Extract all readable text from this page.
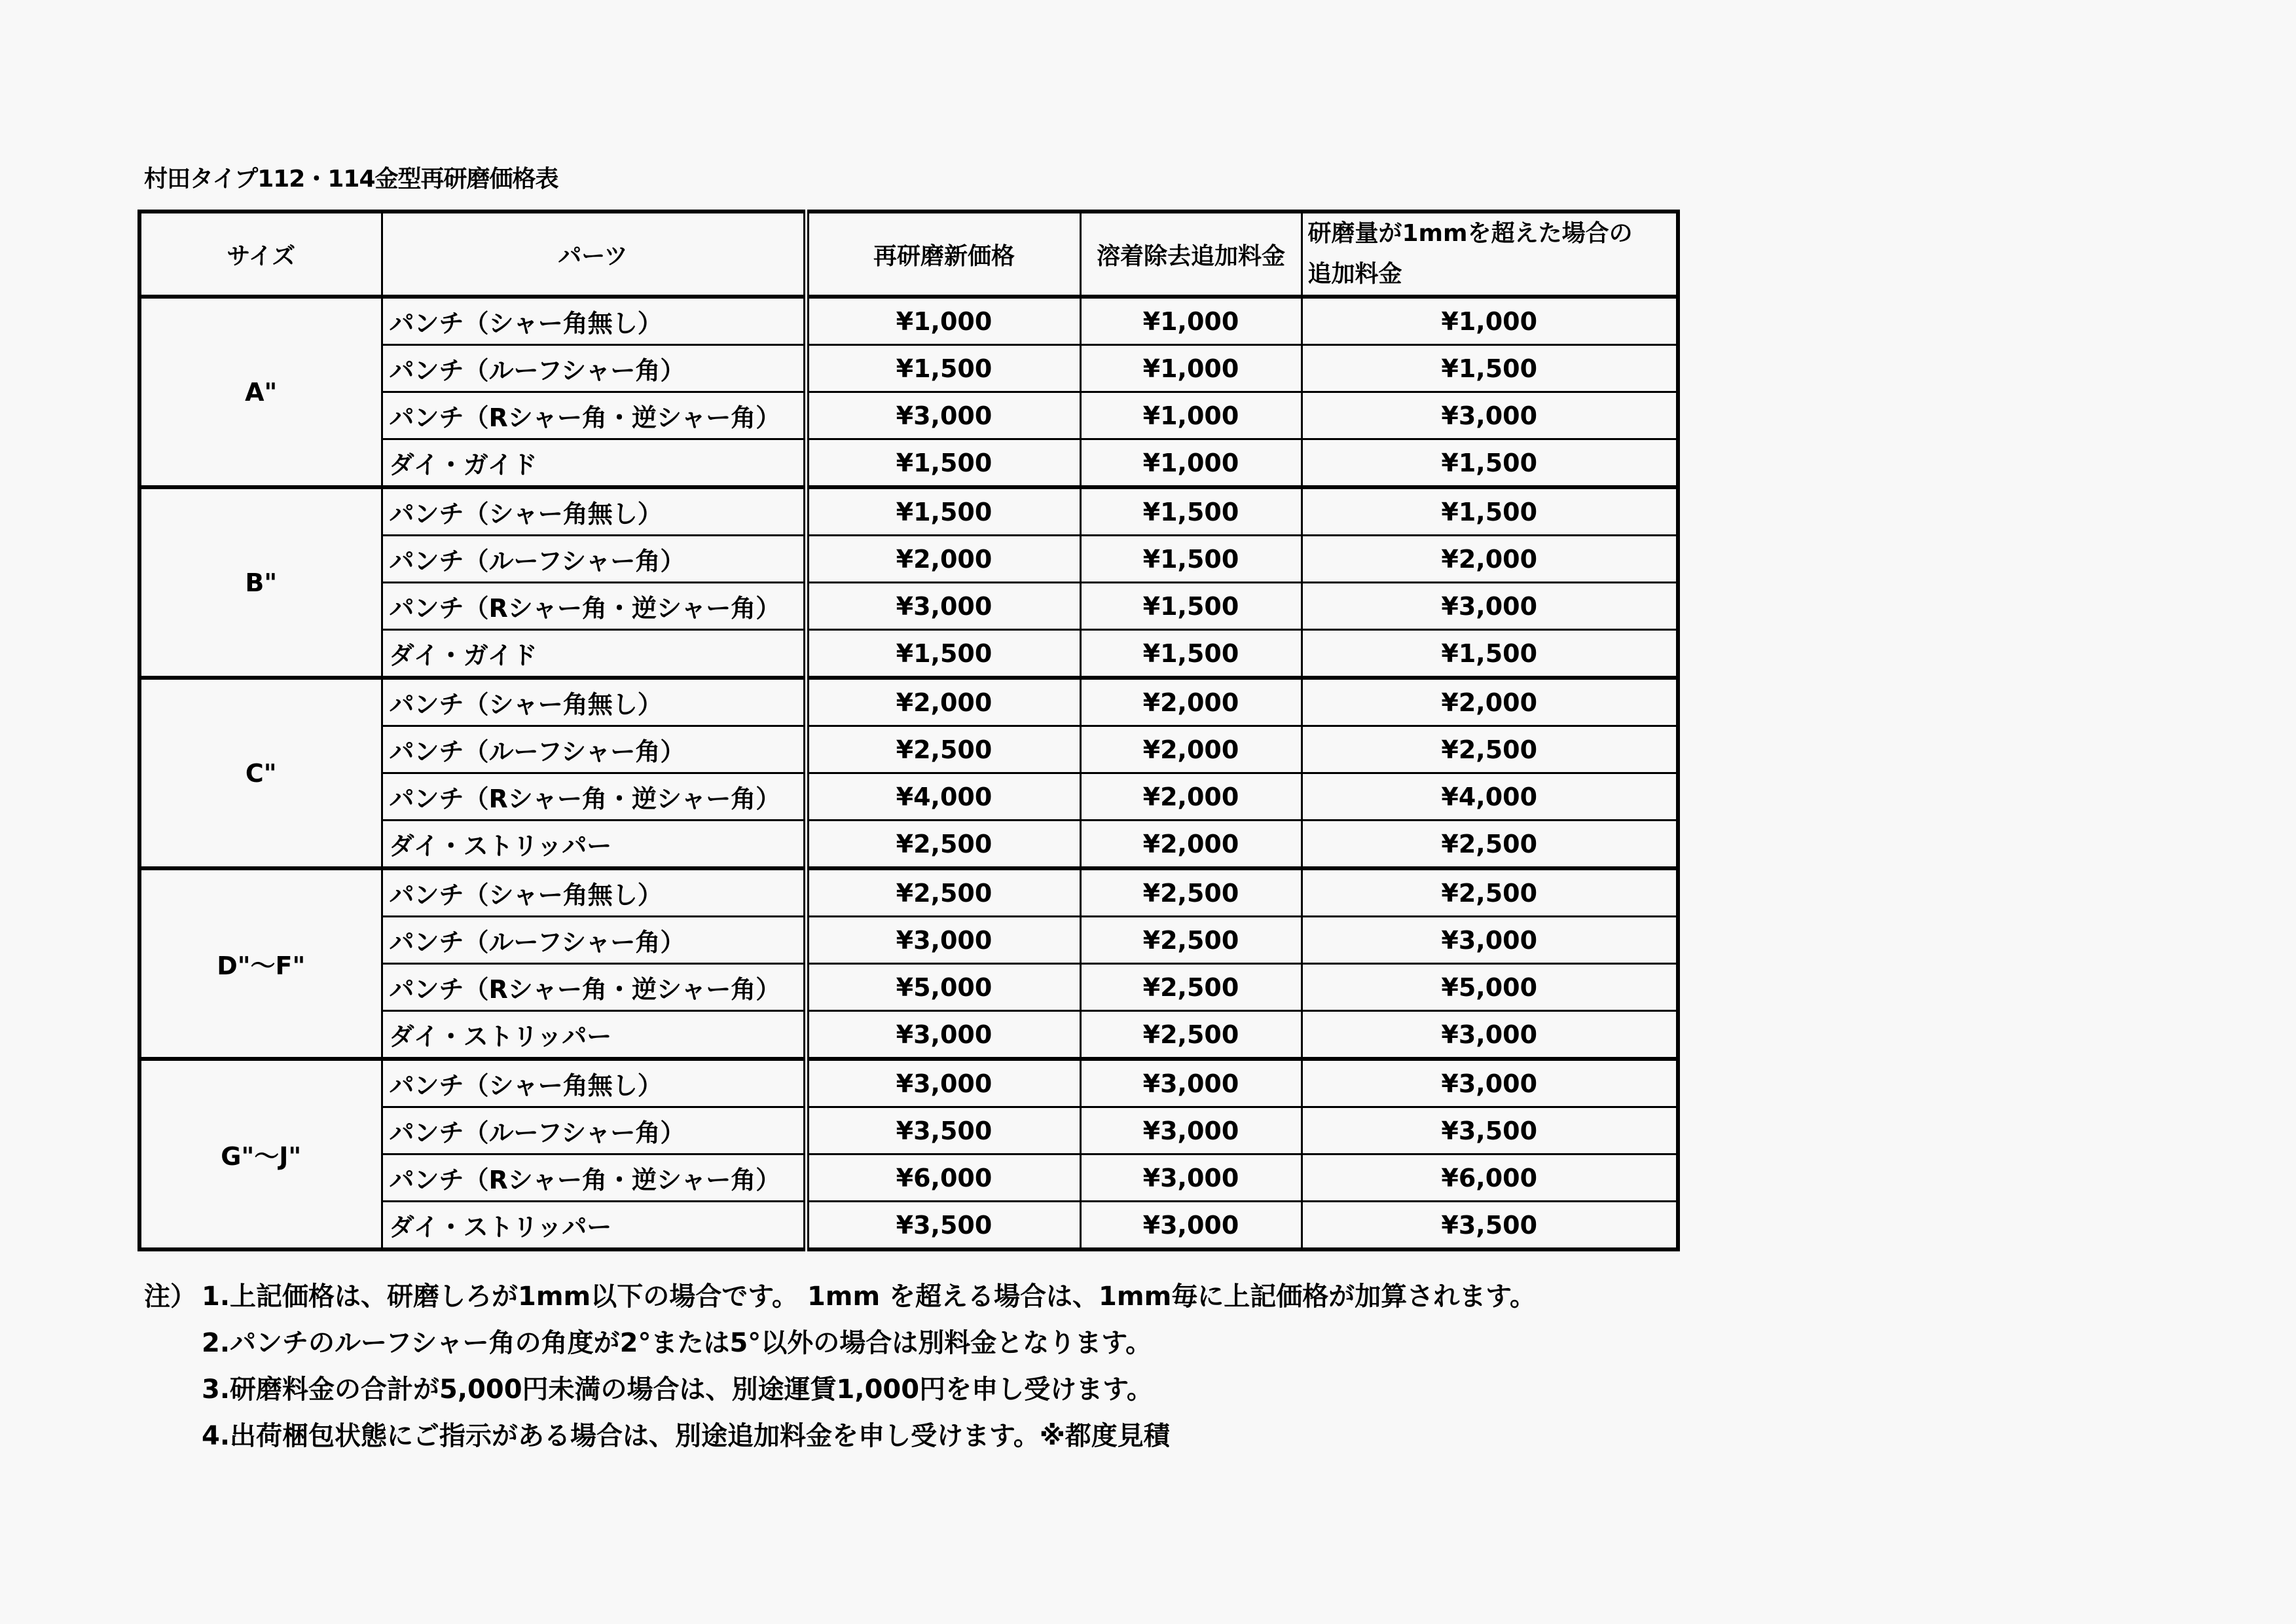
村田タイプ112・114金型再研磨価格表
サイズ	パーツ	再研磨新価格	溶着除去追加料金	研磨量が1mmを超えた場合の
追加料金
A"	パンチ（シャー角無し）	¥1,000	¥1,000	¥1,000
	パンチ（ルーフシャー角）	¥1,500	¥1,000	¥1,500
	パンチ（Rシャー角・逆シャー角）	¥3,000	¥1,000	¥3,000
	ダイ・ガイド	¥1,500	¥1,000	¥1,500
B"	パンチ（シャー角無し）	¥1,500	¥1,500	¥1,500
	パンチ（ルーフシャー角）	¥2,000	¥1,500	¥2,000
	パンチ（Rシャー角・逆シャー角）	¥3,000	¥1,500	¥3,000
	ダイ・ガイド	¥1,500	¥1,500	¥1,500
C"	パンチ（シャー角無し）	¥2,000	¥2,000	¥2,000
	パンチ（ルーフシャー角）	¥2,500	¥2,000	¥2,500
	パンチ（Rシャー角・逆シャー角）	¥4,000	¥2,000	¥4,000
	ダイ・ストリッパー	¥2,500	¥2,000	¥2,500
D"～F"	パンチ（シャー角無し）	¥2,500	¥2,500	¥2,500
	パンチ（ルーフシャー角）	¥3,000	¥2,500	¥3,000
	パンチ（Rシャー角・逆シャー角）	¥5,000	¥2,500	¥5,000
	ダイ・ストリッパー	¥3,000	¥2,500	¥3,000
G"～J"	パンチ（シャー角無し）	¥3,000	¥3,000	¥3,000
	パンチ（ルーフシャー角）	¥3,500	¥3,000	¥3,500
	パンチ（Rシャー角・逆シャー角）	¥6,000	¥3,000	¥6,000
	ダイ・ストリッパー	¥3,500	¥3,000	¥3,500
注） 1.上記価格は、研磨しろが1mm以下の場合です。 1mm を超える場合は、1mm毎に上記価格が加算されます。
2.パンチのルーフシャー角の角度が2°または5°以外の場合は別料金となります。
3.研磨料金の合計が5,000円未満の場合は、別途運賃1,000円を申し受けます。
4.出荷梱包状態にご指示がある場合は、別途追加料金を申し受けます。※都度見積
